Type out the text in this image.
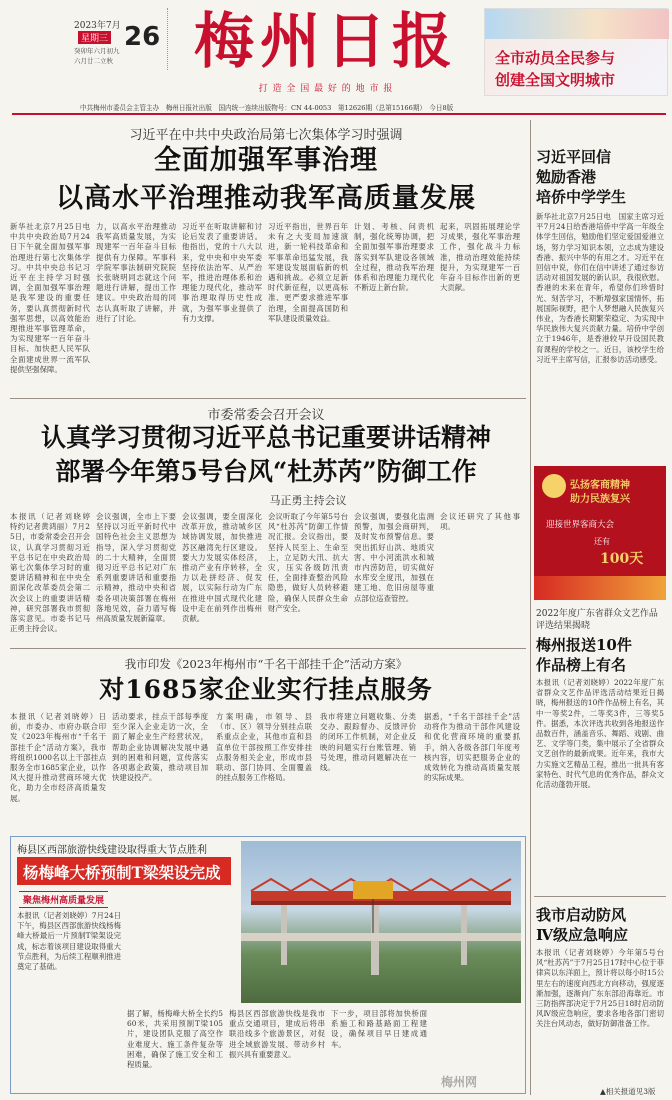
2023年7月
星期三 26
癸卯年六月初九
六月廿二立秋	梅州日报
打 造 全 国 最 好 的 地 市 报
全市动员全民参与
创建全国文明城市
中共梅州市委员会主管主办　梅州日报社出版　国内统一连续出版物号：CN 44-0053　第12626期（总第15166期）　今日8版
习近平在中共中央政治局第七次集体学习时强调
全面加强军事治理
以高水平治理推动我军高质量发展
新华社北京7月25日电　中共中央政治局7月24日下午就全面加强军事治理进行第七次集体学习。中共中央总书记习近平在主持学习时强调，全面加强军事治理是我军建设的重要任务，要认真贯彻新时代强军思想，以高效能治理推进军事管理革命，为实现建军一百年奋斗目标、加快把人民军队全面建成世界一流军队提供坚强保障。
力，以高水平治理推动我军高质量发展，为实现建军一百年奋斗目标提供有力保障。军事科学院军事法制研究院院长张晓明同志就这个问题进行讲解，提出工作建议。中央政治局的同志认真听取了讲解，并进行了讨论。
习近平在听取讲解和讨论后发表了重要讲话。他指出，党的十八大以来，党中央和中央军委坚持依法治军、从严治军，推进治理体系和治理能力现代化，推动军事治理取得历史性成就，为强军事业提供了有力支撑。
习近平指出，世界百年未有之大变局加速演进，新一轮科技革命和军事革命迅猛发展，我军建设发展面临新的机遇和挑战。必须立足新时代新征程，以更高标准、更严要求推进军事治理，全面提高国防和军队建设质量效益。
计划、考核、问责机制，强化统筹协调，把全面加强军事治理要求落实到军队建设各领域全过程，推动我军治理体系和治理能力现代化不断迈上新台阶。
起来，巩固拓展理论学习成果，强化军事治理工作，强化战斗力标准，推动治理效能持续提升，为实现建军一百年奋斗目标作出新的更大贡献。
市委常委会召开会议
认真学习贯彻习近平总书记重要讲话精神
部署今年第5号台风“杜苏芮”防御工作
马正勇主持会议
本报讯（记者刘晓婷　特约记者黄鸿丽）7月25日，市委常委会召开会议，认真学习贯彻习近平总书记在中央政治局第七次集体学习时的重要讲话精神和在中央全面深化改革委员会第二次会议上的重要讲话精神，研究部署我市贯彻落实意见。市委书记马正勇主持会议。
会议强调，全市上下要坚持以习近平新时代中国特色社会主义思想为指导，深入学习贯彻党的二十大精神，全面贯彻习近平总书记对广东系列重要讲话和重要指示精神，推动中央和省委各项决策部署在梅州落地见效，奋力谱写梅州高质量发展新篇章。
会议强调，要全面深化改革开放，推动城乡区域协调发展，加快推进苏区融湾先行区建设。要大力发展实体经济，推动产业有序转移，全力以赴拼经济、促发展，以实际行动为广东在推进中国式现代化建设中走在前列作出梅州贡献。
会议听取了今年第5号台风“杜苏芮”防御工作情况汇报。会议指出，要坚持人民至上、生命至上，立足防大汛、抗大灾，压实各级防汛责任，全面排查整治风险隐患，做好人员转移避险，确保人民群众生命财产安全。
会议强调，要强化监测预警，加强会商研判，及时发布预警信息。要突出抓好山洪、地质灾害、中小河流洪水和城市内涝防范，切实做好水库安全度汛，加强在建工地、危旧房屋等重点部位巡查管控。
会议还研究了其他事项。
我市印发《2023年梅州市“千名干部挂千企”活动方案》
对1685家企业实行挂点服务
本报讯（记者刘晓婷）日前，市委办、市府办联合印发《2023年梅州市“千名干部挂千企”活动方案》，我市将组织1000名以上干部挂点服务全市1685家企业，以作风大提升推动营商环境大优化，助力全市经济高质量发展。
活动要求，挂点干部每季度至少深入企业走访一次，全面了解企业生产经营状况，帮助企业协调解决发展中遇到的困难和问题，宣传落实各项惠企政策，推动项目加快建设投产。
方案明确，市领导、县（市、区）领导分别挂点联系重点企业，其他市直和县直单位干部按照工作安排挂点服务相关企业，形成市县联动、部门协同、全面覆盖的挂点服务工作格局。
我市将建立问题收集、分类交办、跟踪督办、反馈评价的闭环工作机制，对企业反映的问题实行台账管理、销号处理，推动问题解决在一线。
据悉，“千名干部挂千企”活动将作为推动干部作风建设和优化营商环境的重要抓手，纳入各级各部门年度考核内容，切实把服务企业的成效转化为推动高质量发展的实际成果。
梅县区西部旅游快线建设取得重大节点胜利
杨梅峰大桥预制T梁架设完成
聚焦梅州高质量发展
本报讯（记者刘晓婷）7月24日下午，梅县区西部旅游快线杨梅峰大桥最后一片预制T梁架设完成，标志着该项目建设取得重大节点胜利，为后续工程顺利推进奠定了基础。
据了解，杨梅峰大桥全长约560米，共采用预制T梁105片，建设团队克服了高空作业难度大、施工条件复杂等困难，确保了施工安全和工程质量。
梅县区西部旅游快线是我市重点交通项目，建成后将串联沿线多个旅游景区，对促进全域旅游发展、带动乡村振兴具有重要意义。
下一步，项目部将加快桥面系施工和路基路面工程建设，确保项目早日建成通车。
梅州网
习近平回信
勉励香港
培侨中学学生
新华社北京7月25日电　国家主席习近平7月24日给香港培侨中学高一年级全体学生回信，勉励他们坚定爱国爱港立场，努力学习知识本领，立志成为建设香港、振兴中华的有用之才。习近平在回信中说，你们在信中讲述了通过参访活动对祖国发展的新认识，我很欣慰。香港的未来在青年，希望你们珍惜时光、刻苦学习，不断增强家国情怀，拓展国际视野，把个人梦想融入民族复兴伟业，为香港长期繁荣稳定、为实现中华民族伟大复兴贡献力量。培侨中学创立于1946年，是香港较早开设国民教育课程的学校之一。近日，该校学生给习近平主席写信，汇报参访活动感受。
弘扬客商精神
助力民族复兴
迎接世界客商大会
还有
100天
2022年度广东省群众文艺作品评选结果揭晓
梅州报送10件
作品榜上有名
本报讯（记者刘晓婷）2022年度广东省群众文艺作品评选活动结果近日揭晓，梅州报送的10件作品榜上有名，其中一等奖2件，二等奖3件，三等奖5件。据悉，本次评选共收到各地报送作品数百件，涵盖音乐、舞蹈、戏剧、曲艺、文学等门类，集中展示了全省群众文艺创作的最新成果。近年来，我市大力实施文艺精品工程，推出一批具有客家特色、时代气息的优秀作品，群众文化活动蓬勃开展。
我市启动防风
Ⅳ级应急响应
本报讯（记者刘晓婷）今年第5号台风“杜苏芮”于7月25日17时中心位于菲律宾以东洋面上，预计将以每小时15公里左右的速度向西北方向移动，强度逐渐加强，逐渐向广东东部沿海靠近。市三防指挥部决定于7月25日18时启动防风Ⅳ级应急响应，要求各地各部门密切关注台风动态，做好防御准备工作。
▲相关报道见3版
